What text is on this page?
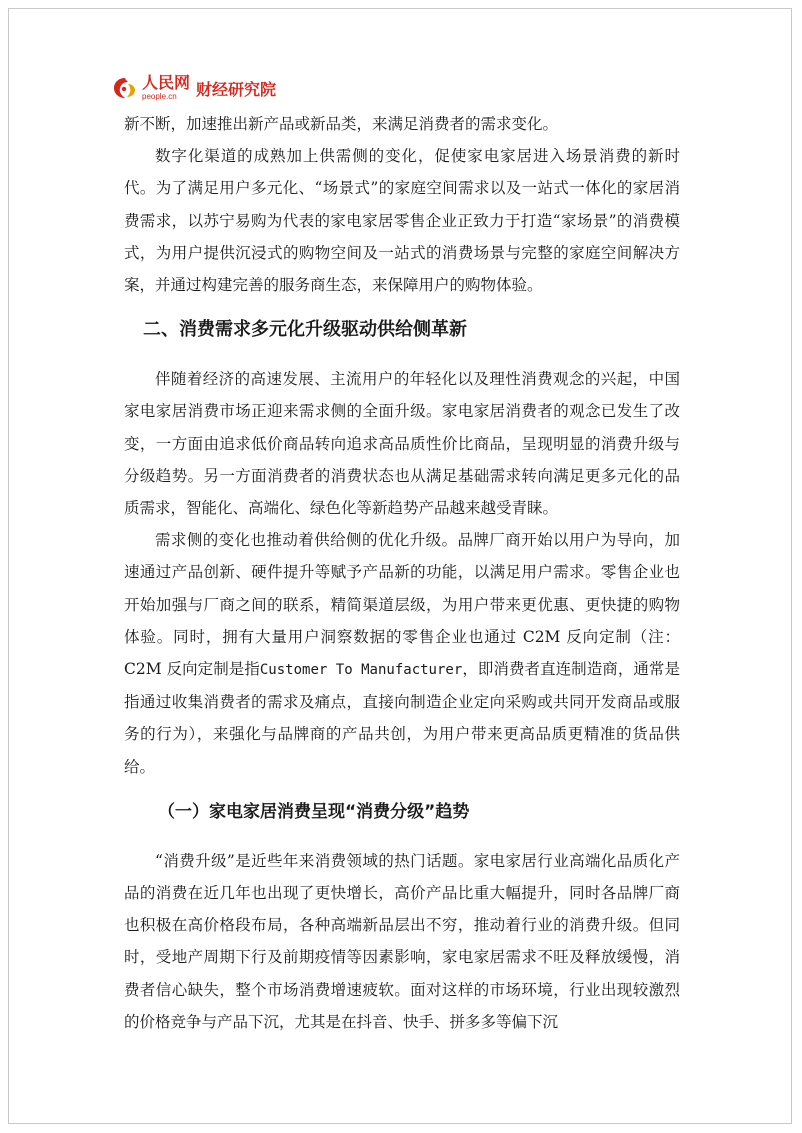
人民网
people.cn	财经研究院

新不断，加速推出新产品或新品类，来满足消费者的需求变化。

数字化渠道的成熟加上供需侧的变化，促使家电家居进入场景消费的新时代。为了满足用户多元化、“场景式”的家庭空间需求以及一站式一体化的家居消费需求，以苏宁易购为代表的家电家居零售企业正致力于打造“家场景”的消费模式，为用户提供沉浸式的购物空间及一站式的消费场景与完整的家庭空间解决方案，并通过构建完善的服务商生态，来保障用户的购物体验。

二、消费需求多元化升级驱动供给侧革新

伴随着经济的高速发展、主流用户的年轻化以及理性消费观念的兴起，中国家电家居消费市场正迎来需求侧的全面升级。家电家居消费者的观念已发生了改变，一方面由追求低价商品转向追求高品质性价比商品，呈现明显的消费升级与分级趋势。另一方面消费者的消费状态也从满足基础需求转向满足更多元化的品质需求，智能化、高端化、绿色化等新趋势产品越来越受青睐。

需求侧的变化也推动着供给侧的优化升级。品牌厂商开始以用户为导向，加速通过产品创新、硬件提升等赋予产品新的功能，以满足用户需求。零售企业也开始加强与厂商之间的联系，精简渠道层级，为用户带来更优惠、更快捷的购物体验。同时，拥有大量用户洞察数据的零售企业也通过 C2M 反向定制（注：C2M 反向定制是指Customer To Manufacturer，即消费者直连制造商，通常是指通过收集消费者的需求及痛点，直接向制造企业定向采购或共同开发商品或服务的行为），来强化与品牌商的产品共创，为用户带来更高品质更精准的货品供给。

（一）家电家居消费呈现“消费分级”趋势

“消费升级”是近些年来消费领域的热门话题。家电家居行业高端化品质化产品的消费在近几年也出现了更快增长，高价产品比重大幅提升，同时各品牌厂商也积极在高价格段布局，各种高端新品层出不穷，推动着行业的消费升级。但同时，受地产周期下行及前期疫情等因素影响，家电家居需求不旺及释放缓慢，消费者信心缺失，整个市场消费增速疲软。面对这样的市场环境，行业出现较激烈的价格竞争与产品下沉，尤其是在抖音、快手、拼多多等偏下沉
